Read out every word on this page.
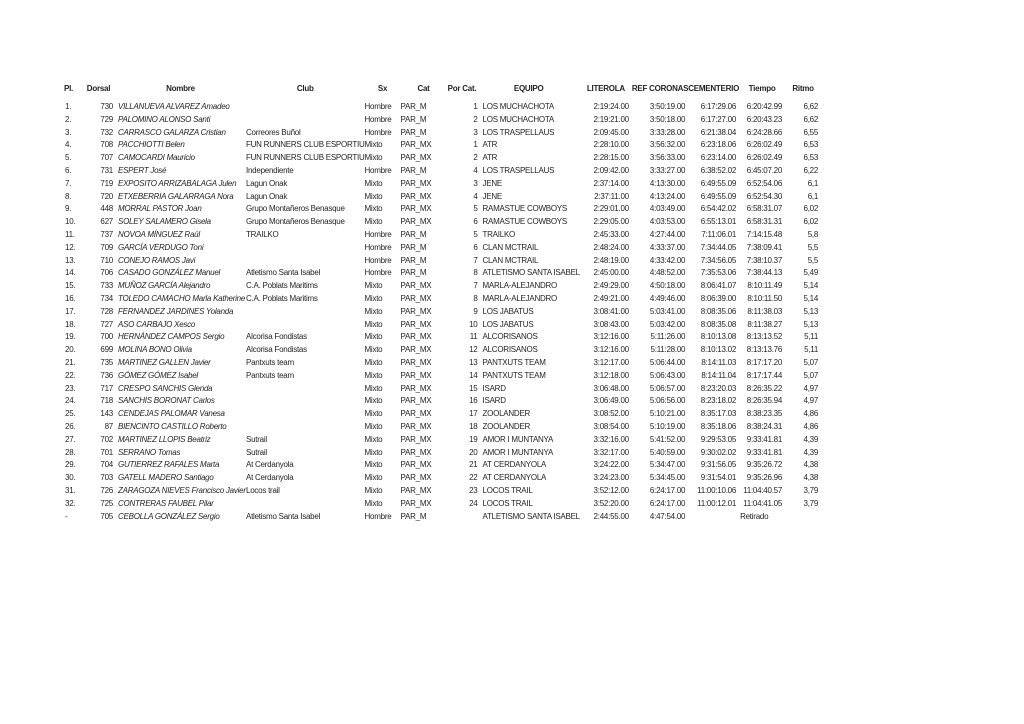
Pl.	Dorsal	Nombre	Club	Sx	Cat	Por Cat.	EQUIPO	LITEROLA	REF CORONAS	CEMENTERIO	Tiempo	Ritmo
1.	730	VILLANUEVA ALVAREZ Amadeo		Hombre	PAR_M	1	LOS MUCHACHOTA	2:19:24.00	3:50:19.00	6:17:29.06	6:20:42.99	6,62
2.	729	PALOMINO ALONSO Santi		Hombre	PAR_M	2	LOS MUCHACHOTA	2:19:21.00	3:50:18.00	6:17:27.00	6:20:43.23	6,62
3.	732	CARRASCO GALARZA Cristian	Correores Buñol	Hombre	PAR_M	3	LOS TRASPELLAUS	2:09:45.00	3:33:28.00	6:21:38.04	6:24:28.66	6,55
4.	708	PACCHIOTTI Belen	FUN RUNNERS CLUB ESPORTIU	Mixto	PAR_MX	1	ATR	2:28:10.00	3:56:32.00	6:23:18.06	6:26:02.49	6,53
5.	707	CAMOCARDI Mauricio	FUN RUNNERS CLUB ESPORTIU	Mixto	PAR_MX	2	ATR	2:28:15.00	3:56:33.00	6:23:14.00	6:26:02.49	6,53
6.	731	ESPERT José	Independiente	Hombre	PAR_M	4	LOS TRASPELLAUS	2:09:42.00	3:33:27.00	6:38:52.02	6:45:07.20	6,22
7.	719	EXPOSITO ARRIZABALAGA Julen	Lagun Onak	Mixto	PAR_MX	3	JENE	2:37:14.00	4:13:30.00	6:49:55.09	6:52:54.06	6,1
8.	720	ETXEBERRIA GALARRAGA Nora	Lagun Onak	Mixto	PAR_MX	4	JENE	2:37:11.00	4:13:24.00	6:49:55.09	6:52:54.30	6,1
9.	448	MORRAL PASTOR Joan	Grupo Montañeros Benasque	Mixto	PAR_MX	5	RAMASTUE COWBOYS	2:29:01.00	4:03:49.00	6:54:42.02	6:58:31.07	6,02
10.	627	SOLEY SALAMERO Gisela	Grupo Montañeros Benasque	Mixto	PAR_MX	6	RAMASTUE COWBOYS	2:29:05.00	4:03:53.00	6:55:13.01	6:58:31.31	6,02
11.	737	NOVOA MÍNGUEZ Raúl	TRAILKO	Hombre	PAR_M	5	TRAILKO	2:45:33.00	4:27:44.00	7:11:06.01	7:14:15.48	5,8
12.	709	GARCÍA VERDUGO Toni		Hombre	PAR_M	6	CLAN MCTRAIL	2:48:24.00	4:33:37.00	7:34:44.05	7:38:09.41	5,5
13.	710	CONEJO RAMOS Javi		Hombre	PAR_M	7	CLAN MCTRAIL	2:48:19.00	4:33:42.00	7:34:56.05	7:38:10.37	5,5
14.	706	CASADO GONZÁLEZ Manuel	Atletismo Santa Isabel	Hombre	PAR_M	8	ATLETISMO SANTA ISABEL	2:45:00.00	4:48:52.00	7:35:53.06	7:38:44.13	5,49
15.	733	MUÑOZ GARCÍA Alejandro	C.A. Poblats Maritims	Mixto	PAR_MX	7	MARLA-ALEJANDRO	2:49:29.00	4:50:18.00	8:06:41.07	8:10:11.49	5,14
16.	734	TOLEDO CAMACHO Marla Katherine	C.A. Poblats Maritims	Mixto	PAR_MX	8	MARLA-ALEJANDRO	2:49:21.00	4:49:46.00	8:06:39.00	8:10:11.50	5,14
17.	728	FERNANDEZ JARDINES Yolanda		Mixto	PAR_MX	9	LOS JABATUS	3:08:41.00	5:03:41.00	8:08:35.06	8:11:38.03	5,13
18.	727	ASO CARBAJO Xesco		Mixto	PAR_MX	10	LOS JABATUS	3:08:43.00	5:03:42.00	8:08:35.08	8:11:38.27	5,13
19.	700	HERNÁNDEZ CAMPOS Sergio	Alcorisa Fondistas	Mixto	PAR_MX	11	ALCORISANOS	3:12:16.00	5:11:26.00	8:10:13.08	8:13:13.52	5,11
20.	699	MOLINA BONO Olivia	Alcorisa Fondistas	Mixto	PAR_MX	12	ALCORISANOS	3:12:16.00	5:11:28.00	8:10:13.02	8:13:13.76	5,11
21.	735	MARTINEZ GALLEN Javier	Pantxuts team	Mixto	PAR_MX	13	PANTXUTS TEAM	3:12:17.00	5:06:44.00	8:14:11.03	8:17:17.20	5,07
22.	736	GÓMEZ GÓMEZ Isabel	Pantxuts team	Mixto	PAR_MX	14	PANTXUTS TEAM	3:12:18.00	5:06:43.00	8:14:11.04	8:17:17.44	5,07
23.	717	CRESPO SANCHIS Glenda		Mixto	PAR_MX	15	ISARD	3:06:48.00	5:06:57.00	8:23:20.03	8:26:35.22	4,97
24.	718	SANCHIS BORONAT Carlos		Mixto	PAR_MX	16	ISARD	3:06:49.00	5:06:56.00	8:23:18.02	8:26:35.94	4,97
25.	143	CENDEJAS PALOMAR Vanesa		Mixto	PAR_MX	17	ZOOLANDER	3:08:52.00	5:10:21.00	8:35:17.03	8:38:23.35	4,86
26.	87	BIENCINTO CASTILLO Roberto		Mixto	PAR_MX	18	ZOOLANDER	3:08:54.00	5:10:19.00	8:35:18.06	8:38:24.31	4,86
27.	702	MARTINEZ LLOPIS Beatriz	Sutrail	Mixto	PAR_MX	19	AMOR I MUNTANYA	3:32:16.00	5:41:52.00	9:29:53.05	9:33:41.81	4,39
28.	701	SERRANO Tomas	Sutrail	Mixto	PAR_MX	20	AMOR I MUNTANYA	3:32:17.00	5:40:59.00	9:30:02.02	9:33:41.81	4,39
29.	704	GUTIERREZ RAFALES Marta	At Cerdanyola	Mixto	PAR_MX	21	AT CERDANYOLA	3:24:22.00	5:34:47.00	9:31:56.05	9:35:26.72	4,38
30.	703	GATELL MADERO Santiago	At Cerdanyola	Mixto	PAR_MX	22	AT CERDANYOLA	3:24:23.00	5:34:45.00	9:31:54.01	9:35:26.96	4,38
31.	726	ZARAGOZA NIEVES Francisco Javier	Locos trail	Mixto	PAR_MX	23	LOCOS TRAIL	3:52:12.00	6:24:17.00	11:00:10.06	11:04:40.57	3,79
32.	725	CONTRERAS FAUBEL Pilar		Mixto	PAR_MX	24	LOCOS TRAIL	3:52:20.00	6:24:17.00	11:00:12.01	11:04:41.05	3,79
-	705	CEBOLLA GONZÁLEZ Sergio	Atletismo Santa Isabel	Hombre	PAR_M		ATLETISMO SANTA ISABEL	2:44:55.00	4:47:54.00		Retirado	
